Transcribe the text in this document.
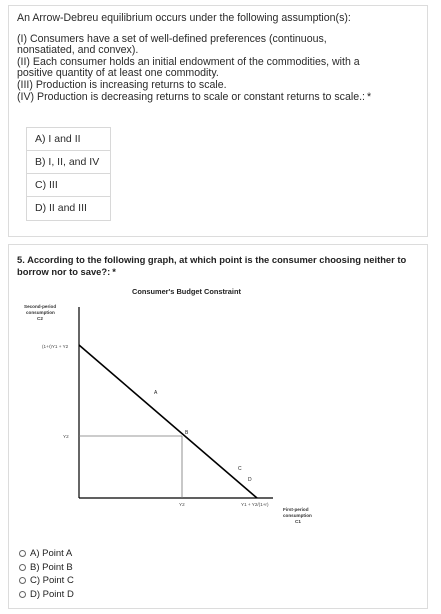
An Arrow-Debreu equilibrium occurs under the following assumption(s):
(I) Consumers have a set of well-defined preferences (continuous,
nonsatiated, and convex).
(II) Each consumer holds an initial endowment of the commodities, with a
positive quantity of at least one commodity.
(III) Production is increasing returns to scale.
(IV) Production is decreasing returns to scale or constant returns to scale.: *
A) I and II
B) I, II, and IV
C) III
D) II and III
5. According to the following graph, at which point is the consumer choosing neither to borrow nor to save?: *
Consumer's Budget Constraint
Second-period
consumption
C2
(1+r)Y1 + Y2
Y2
Y2	Y1 + Y2/(1+r)
A
B
C
D
First-period
consumption
C1
A) Point A
B) Point B
C) Point C
D) Point D
